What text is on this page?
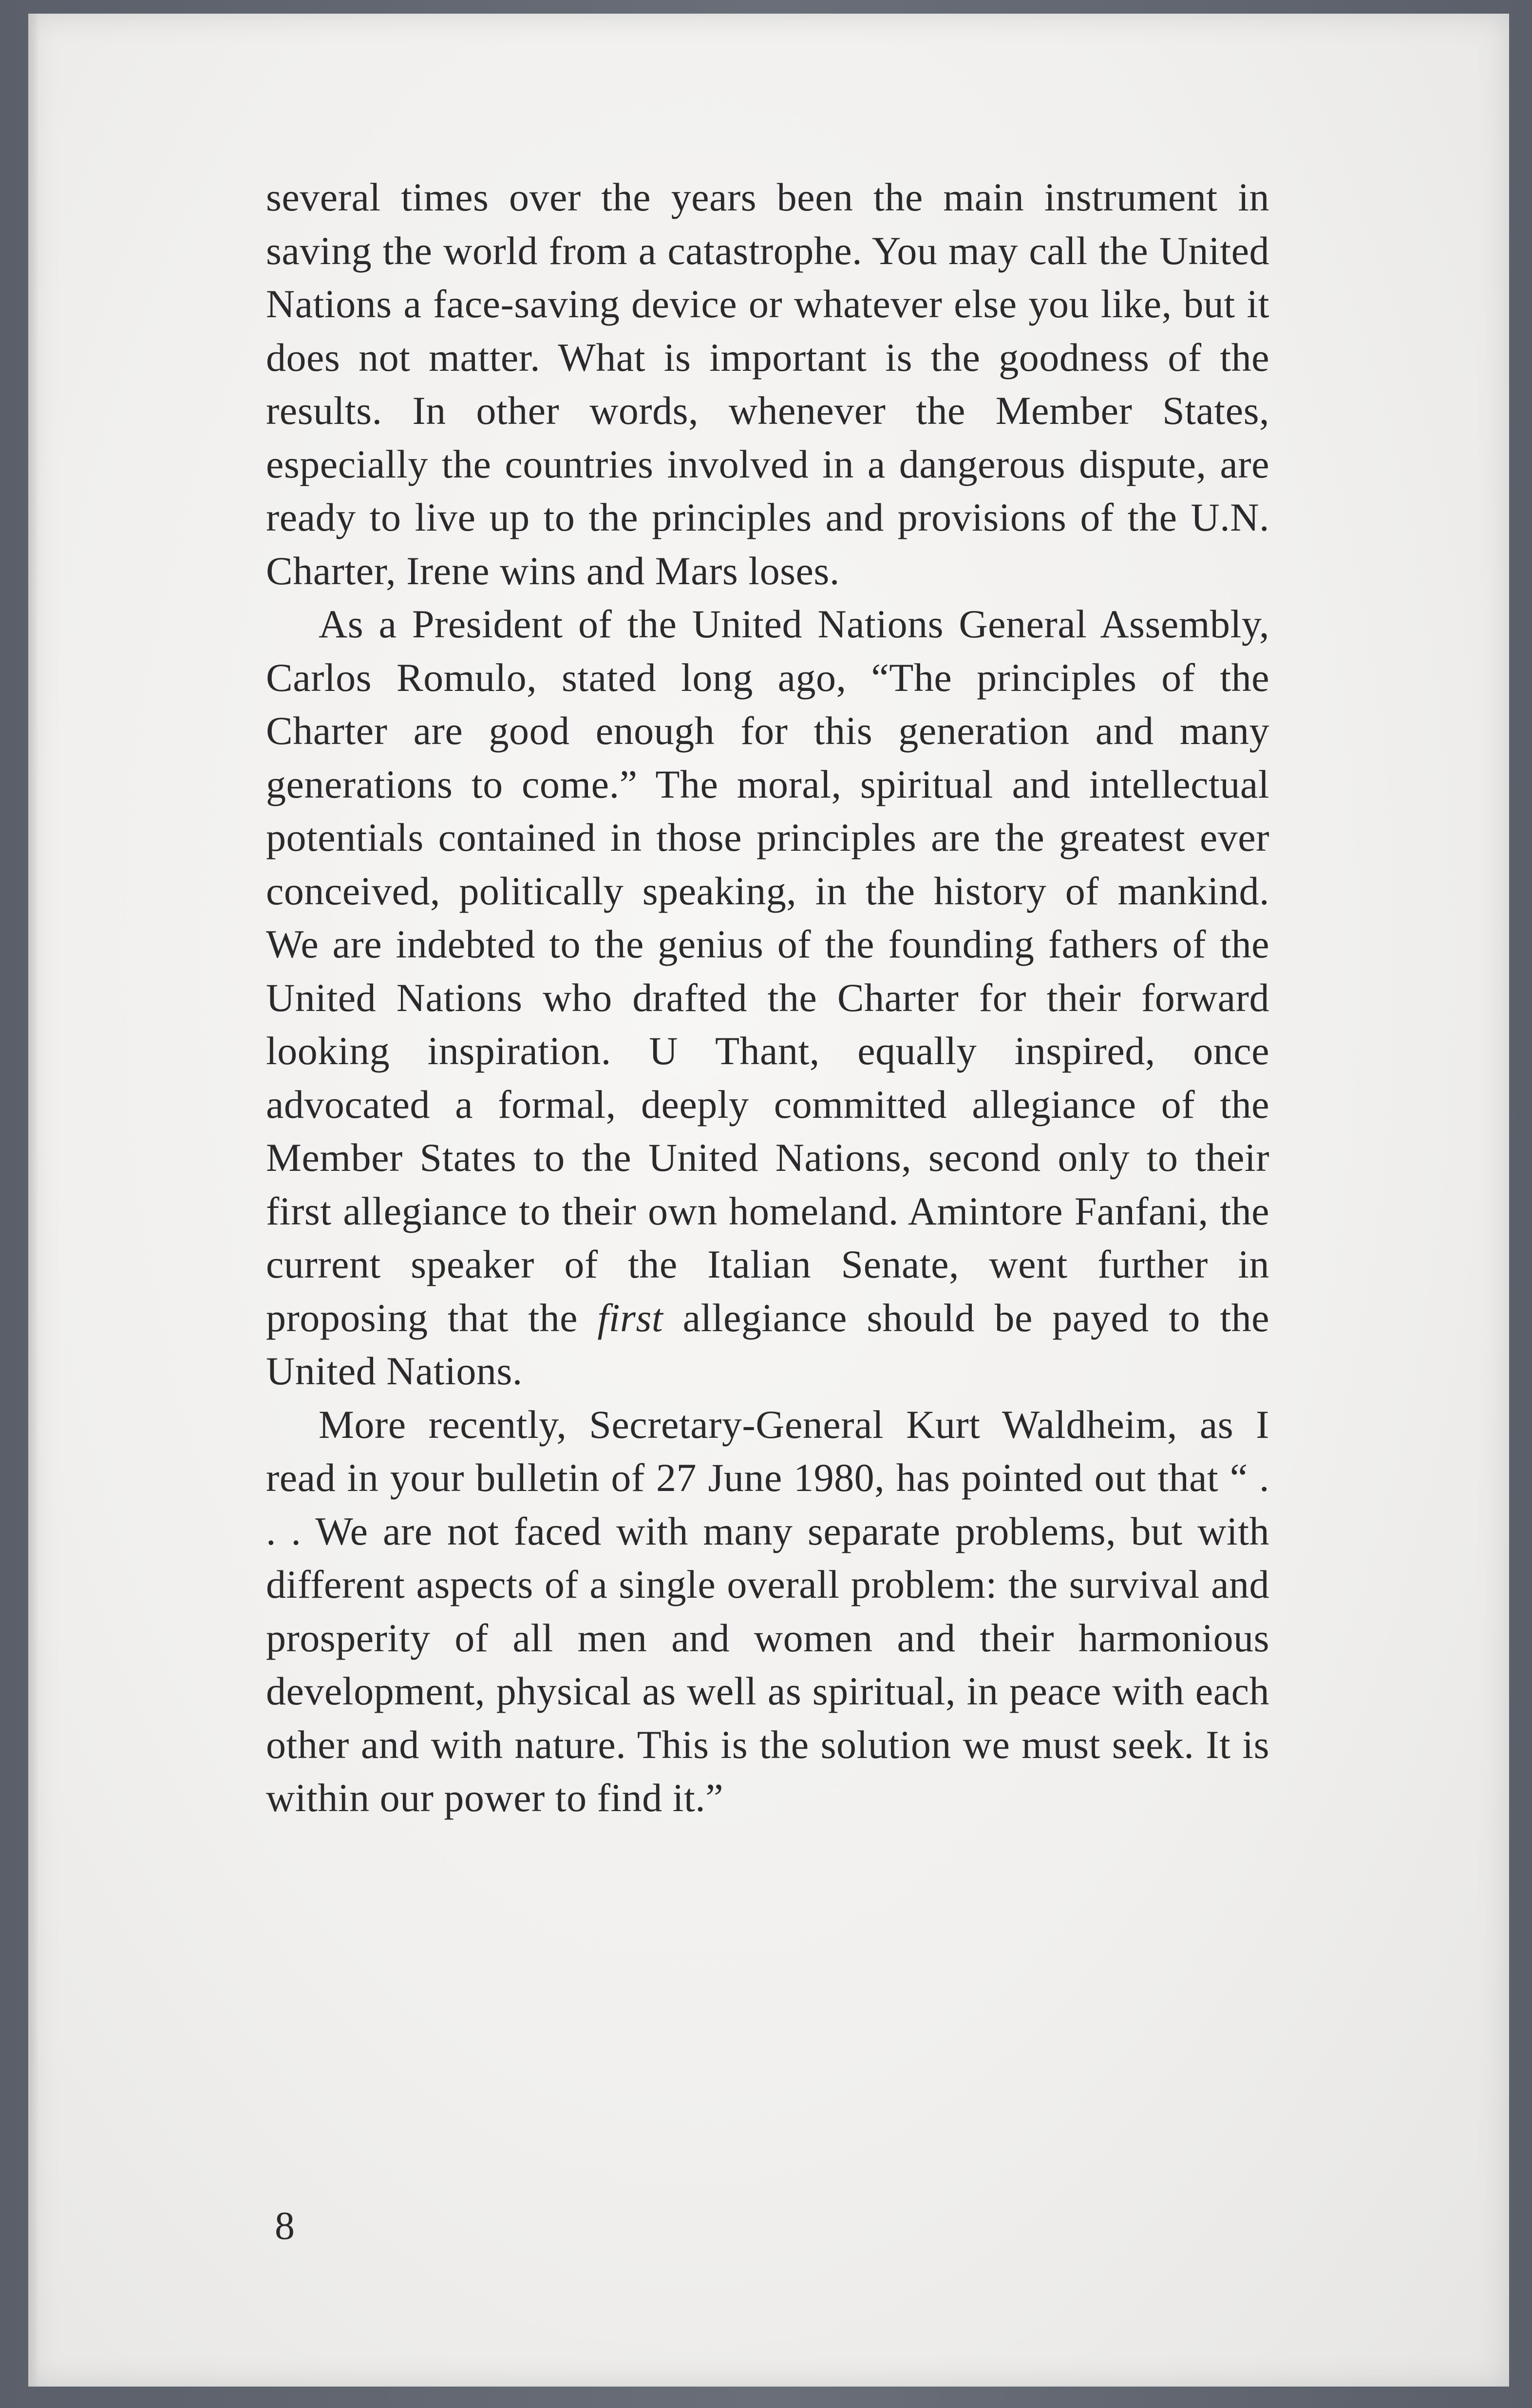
several times over the years been the main instrument in saving the world from a catastrophe. You may call the United Nations a face-saving device or whatever else you like, but it does not matter. What is important is the goodness of the results. In other words, whenever the Member States, especially the countries involved in a dangerous dispute, are ready to live up to the principles and provisions of the U.N. Charter, Irene wins and Mars loses.

As a President of the United Nations General Assembly, Carlos Romulo, stated long ago, “The principles of the Charter are good enough for this generation and many generations to come.” The moral, spiritual and intellectual potentials contained in those principles are the greatest ever conceived, politically speaking, in the history of mankind. We are indebted to the genius of the founding fathers of the United Nations who drafted the Charter for their forward looking inspiration. U Thant, equally inspired, once advocated a formal, deeply committed allegiance of the Member States to the United Nations, second only to their first allegiance to their own homeland. Amintore Fanfani, the current speaker of the Italian Senate, went further in proposing that the first allegiance should be payed to the United Nations.

More recently, Secretary-General Kurt Waldheim, as I read in your bulletin of 27 June 1980, has pointed out that “ . . . We are not faced with many separate problems, but with different aspects of a single overall problem: the survival and prosperity of all men and women and their harmonious development, physical as well as spiritual, in peace with each other and with nature. This is the solution we must seek. It is within our power to find it.”

8
